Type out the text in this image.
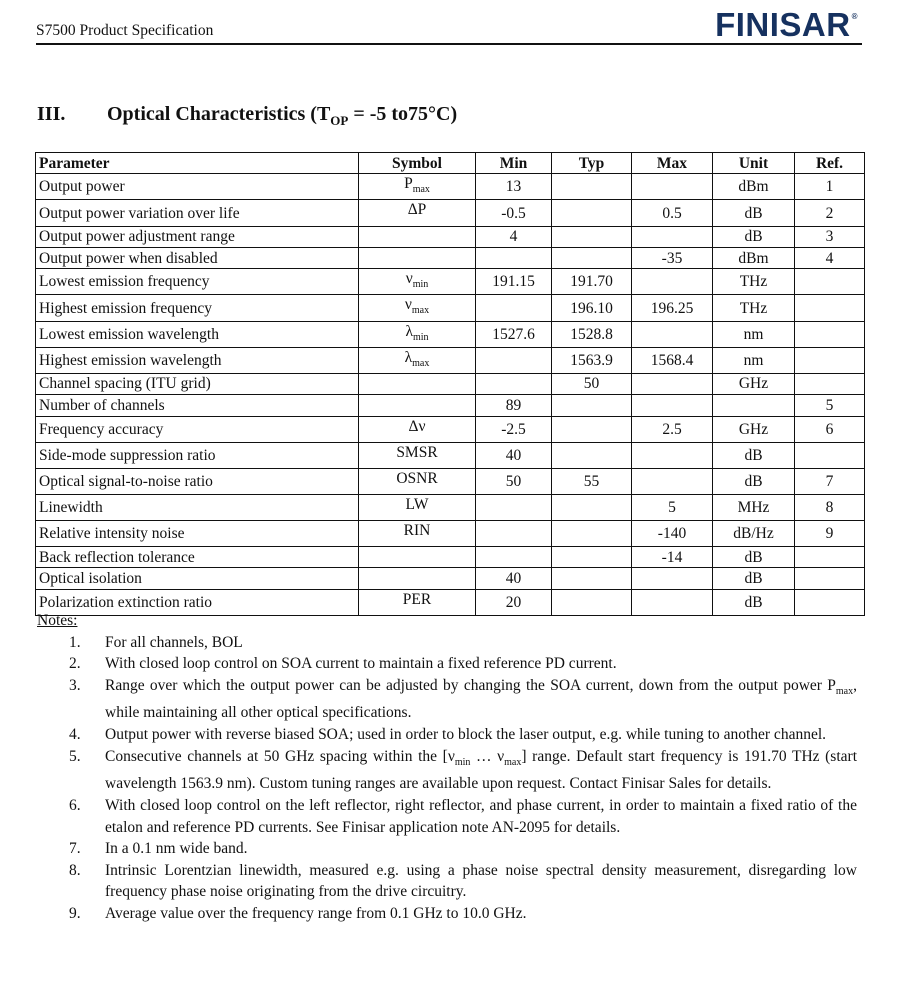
S7500 Product Specification	FINISAR®
III. Optical Characteristics ($T_{OP} = -5$ to75°C)
Parameter	Symbol	Min	Typ	Max	Unit	Ref.
Output power	$P_{max}$	13			dBm	1
Output power variation over life	ΔP	-0.5		0.5	dB	2
Output power adjustment range		4			dB	3
Output power when disabled				-35	dBm	4
Lowest emission frequency	$\nu_{min}$	191.15	191.70		THz	
Highest emission frequency	$\nu_{max}$		196.10	196.25	THz	
Lowest emission wavelength	$\lambda_{min}$	1527.6	1528.8		nm	
Highest emission wavelength	$\lambda_{max}$		1563.9	1568.4	nm	
Channel spacing (ITU grid)			50		GHz	
Number of channels		89				5
Frequency accuracy	Δν	-2.5		2.5	GHz	6
Side-mode suppression ratio	SMSR	40			dB	
Optical signal-to-noise ratio	OSNR	50	55		dB	7
Linewidth	LW			5	MHz	8
Relative intensity noise	RIN			-140	dB/Hz	9
Back reflection tolerance				-14	dB	
Optical isolation		40			dB	
Polarization extinction ratio	PER	20			dB	
Notes:
1. For all channels, BOL
2. With closed loop control on SOA current to maintain a fixed reference PD current.
3. Range over which the output power can be adjusted by changing the SOA current, down from the output power $P_{max}$, while maintaining all other optical specifications.
4. Output power with reverse biased SOA; used in order to block the laser output, e.g. while tuning to another channel.
5. Consecutive channels at 50 GHz spacing within the [$\nu_{min}$ … $\nu_{max}$] range. Default start frequency is 191.70 THz (start wavelength 1563.9 nm). Custom tuning ranges are available upon request. Contact Finisar Sales for details.
6. With closed loop control on the left reflector, right reflector, and phase current, in order to maintain a fixed ratio of the etalon and reference PD currents. See Finisar application note AN-2095 for details.
7. In a 0.1 nm wide band.
8. Intrinsic Lorentzian linewidth, measured e.g. using a phase noise spectral density measurement, disregarding low frequency phase noise originating from the drive circuitry.
9. Average value over the frequency range from 0.1 GHz to 10.0 GHz.
